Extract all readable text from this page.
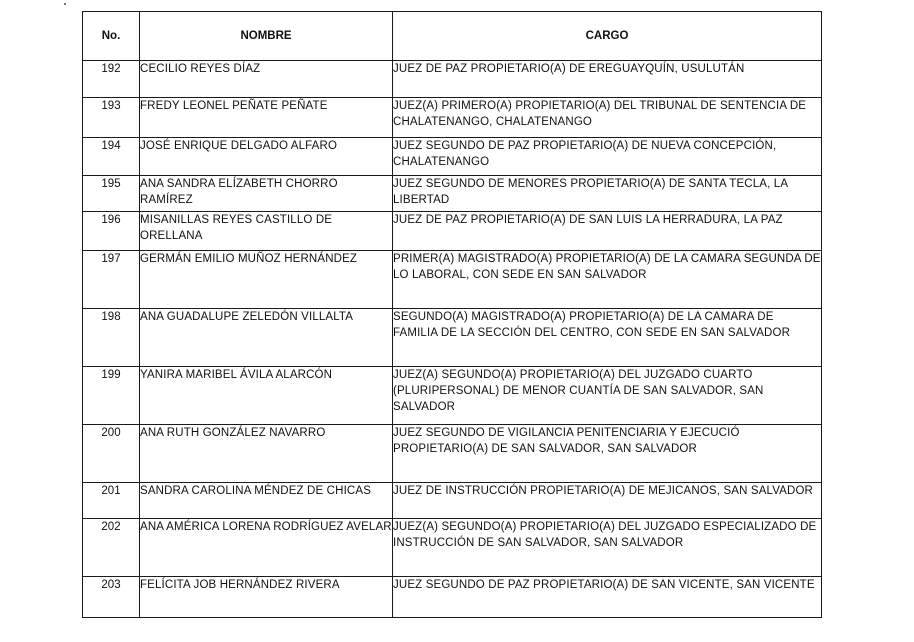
No.	NOMBRE	CARGO
192	CECILIO REYES DÍAZ	JUEZ DE PAZ PROPIETARIO(A) DE EREGUAYQUÍN, USULUTÁN
193	FREDY LEONEL PEÑATE PEÑATE	JUEZ(A) PRIMERO(A) PROPIETARIO(A) DEL TRIBUNAL DE SENTENCIA DE CHALATENANGO, CHALATENANGO
194	JOSÉ ENRIQUE DELGADO ALFARO	JUEZ SEGUNDO DE PAZ PROPIETARIO(A) DE NUEVA CONCEPCIÓN, CHALATENANGO
195	ANA SANDRA ELÍZABETH CHORRO RAMÍREZ	JUEZ SEGUNDO DE MENORES PROPIETARIO(A) DE SANTA TECLA, LA LIBERTAD
196	MISANILLAS REYES CASTILLO DE ORELLANA	JUEZ DE PAZ PROPIETARIO(A) DE SAN LUIS LA HERRADURA, LA PAZ
197	GERMÁN EMILIO MUÑOZ HERNÁNDEZ	PRIMER(A) MAGISTRADO(A) PROPIETARIO(A) DE LA CAMARA SEGUNDA DE LO LABORAL, CON SEDE EN SAN SALVADOR
198	ANA GUADALUPE ZELEDÓN VILLALTA	SEGUNDO(A) MAGISTRADO(A) PROPIETARIO(A) DE LA CAMARA DE FAMILIA DE LA SECCIÓN DEL CENTRO, CON SEDE EN SAN SALVADOR
199	YANIRA MARIBEL ÁVILA ALARCÓN	JUEZ(A) SEGUNDO(A) PROPIETARIO(A) DEL JUZGADO CUARTO (PLURIPERSONAL) DE MENOR CUANTÍA DE SAN SALVADOR, SAN SALVADOR
200	ANA RUTH GONZÁLEZ NAVARRO	JUEZ SEGUNDO DE VIGILANCIA PENITENCIARIA Y EJECUCIÓ PROPIETARIO(A) DE SAN SALVADOR, SAN SALVADOR
201	SANDRA CAROLINA MÉNDEZ DE CHICAS	JUEZ DE INSTRUCCIÓN PROPIETARIO(A) DE MEJICANOS, SAN SALVADOR
202	ANA AMÉRICA LORENA RODRÍGUEZ AVELAR	JUEZ(A) SEGUNDO(A) PROPIETARIO(A) DEL JUZGADO ESPECIALIZADO DE INSTRUCCIÓN DE SAN SALVADOR, SAN SALVADOR
203	FELÍCITA JOB HERNÁNDEZ RIVERA	JUEZ SEGUNDO DE PAZ PROPIETARIO(A) DE SAN VICENTE, SAN VICENTE
